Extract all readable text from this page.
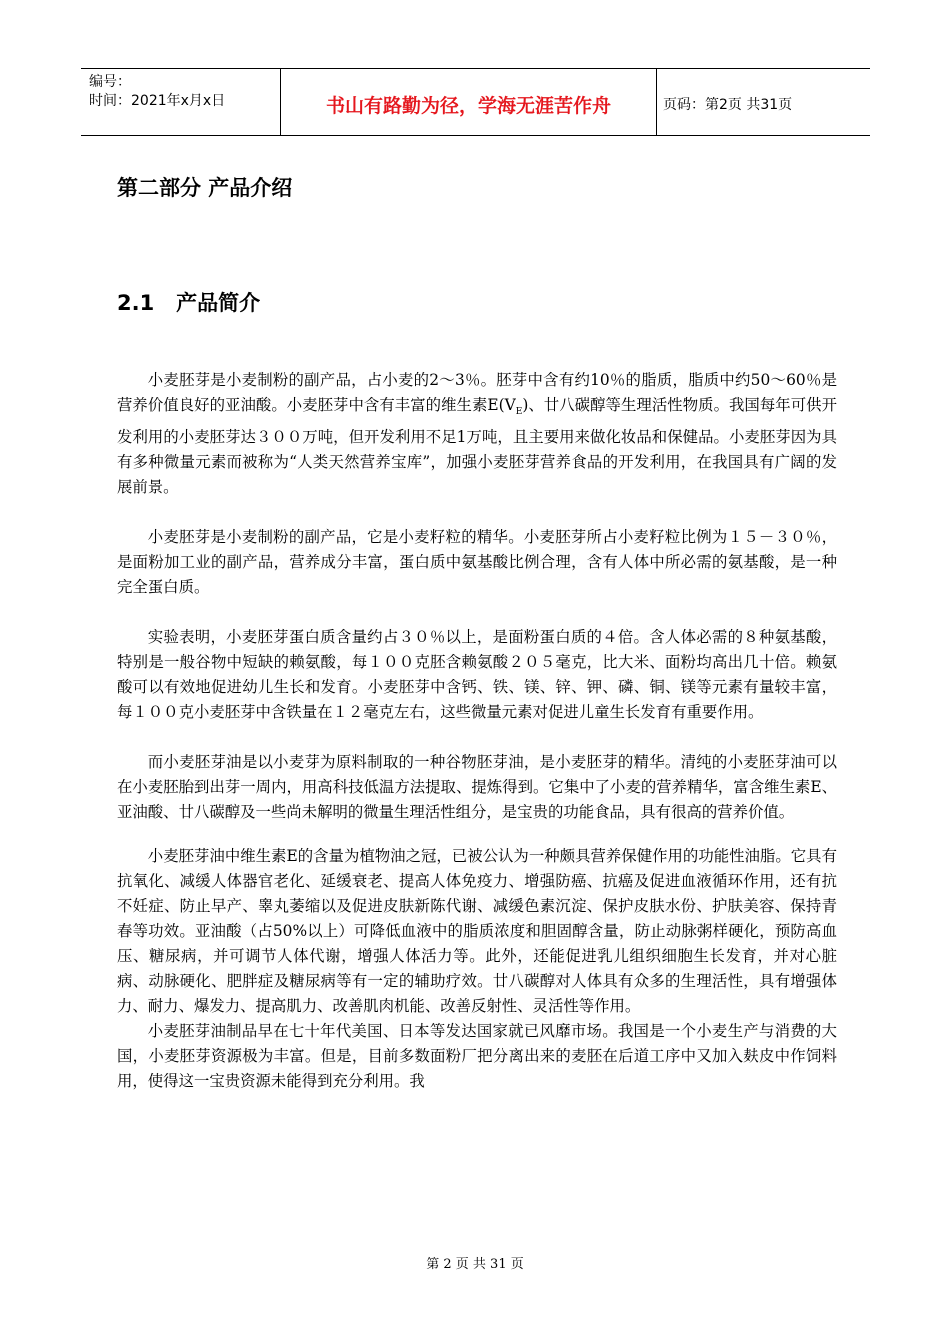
编号：
时间：2021年x月x日	书山有路勤为径，学海无涯苦作舟	页码：第2页 共31页
第二部分 产品介绍
2.1   产品简介

小麦胚芽是小麦制粉的副产品，占小麦的2～3％。胚芽中含有约10％的脂质，脂质中约50～60％是营养价值良好的亚油酸。小麦胚芽中含有丰富的维生素$E(V_E)$、廿八碳醇等生理活性物质。我国每年可供开发利用的小麦胚芽达３００万吨，但开发利用不足1万吨，且主要用来做化妆品和保健品。小麦胚芽因为具有多种微量元素而被称为“人类天然营养宝库”，加强小麦胚芽营养食品的开发利用，在我国具有广阔的发展前景。

小麦胚芽是小麦制粉的副产品，它是小麦籽粒的精华。小麦胚芽所占小麦籽粒比例为１５－３０％，是面粉加工业的副产品，营养成分丰富，蛋白质中氨基酸比例合理，含有人体中所必需的氨基酸，是一种完全蛋白质。

实验表明，小麦胚芽蛋白质含量约占３０％以上，是面粉蛋白质的４倍。含人体必需的８种氨基酸，特别是一般谷物中短缺的赖氨酸，每１００克胚含赖氨酸２０５毫克，比大米、面粉均高出几十倍。赖氨酸可以有效地促进幼儿生长和发育。小麦胚芽中含钙、铁、镁、锌、钾、磷、铜、镁等元素有量较丰富，每１００克小麦胚芽中含铁量在１２毫克左右，这些微量元素对促进儿童生长发育有重要作用。

而小麦胚芽油是以小麦芽为原料制取的一种谷物胚芽油，是小麦胚芽的精华。清纯的小麦胚芽油可以在小麦胚胎到出芽一周内，用高科技低温方法提取、提炼得到。它集中了小麦的营养精华，富含维生素E、亚油酸、廿八碳醇及一些尚未解明的微量生理活性组分，是宝贵的功能食品，具有很高的营养价值。

小麦胚芽油中维生素E的含量为植物油之冠，已被公认为一种颇具营养保健作用的功能性油脂。它具有抗氧化、减缓人体器官老化、延缓衰老、提高人体免疫力、增强防癌、抗癌及促进血液循环作用，还有抗不妊症、防止早产、睾丸萎缩以及促进皮肤新陈代谢、减缓色素沉淀、保护皮肤水份、护肤美容、保持青春等功效。亚油酸（占50%以上）可降低血液中的脂质浓度和胆固醇含量，防止动脉粥样硬化，预防高血压、糖尿病，并可调节人体代谢，增强人体活力等。此外，还能促进乳儿组织细胞生长发育，并对心脏病、动脉硬化、肥胖症及糖尿病等有一定的辅助疗效。廿八碳醇对人体具有众多的生理活性，具有增强体力、耐力、爆发力、提高肌力、改善肌肉机能、改善反射性、灵活性等作用。

小麦胚芽油制品早在七十年代美国、日本等发达国家就已风靡市场。我国是一个小麦生产与消费的大国，小麦胚芽资源极为丰富。但是，目前多数面粉厂把分离出来的麦胚在后道工序中又加入麸皮中作饲料用，使得这一宝贵资源未能得到充分利用。我

第 2 页 共 31 页
